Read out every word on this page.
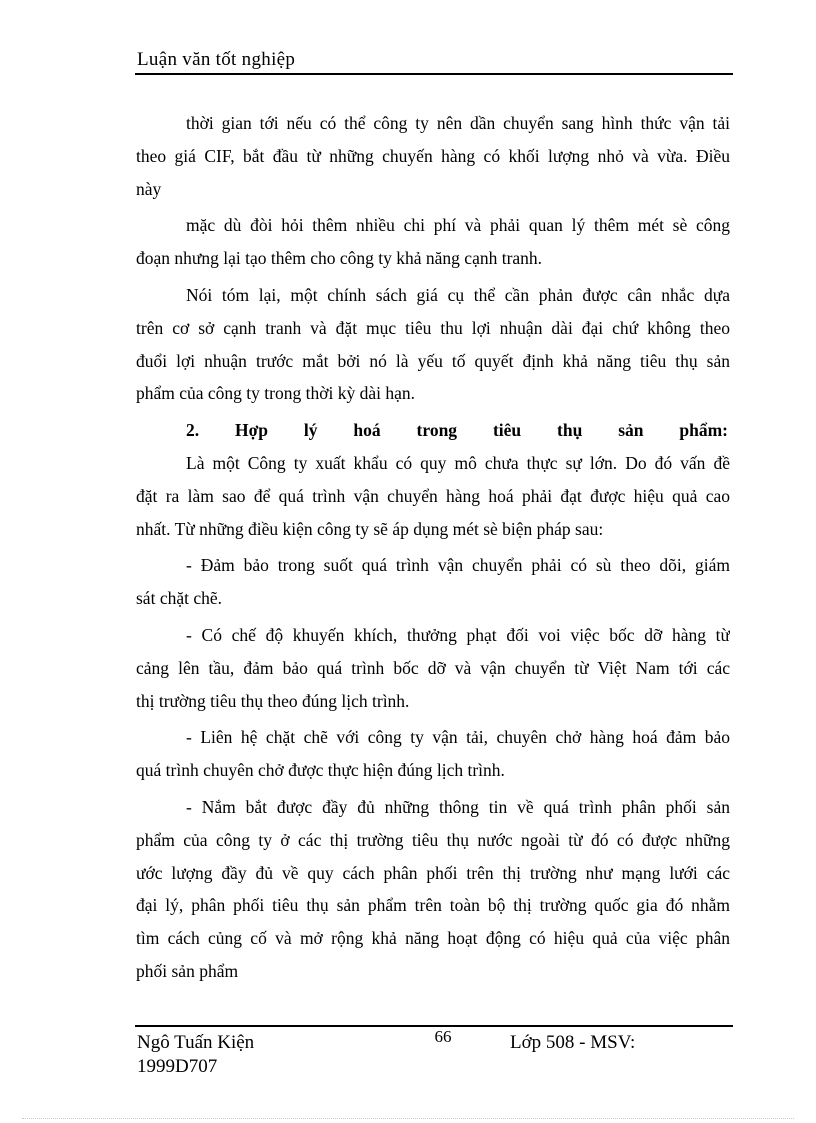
Luận văn tốt nghiệp
thời gian tới nếu có thể công ty nên dần chuyển sang hình thức vận tải
theo giá CIF, bắt đầu từ những chuyến hàng có khối lượng nhỏ và vừa. Điều
này
mặc dù đòi hỏi thêm nhiều chi phí và phải quan lý thêm mét sè công
đoạn nhưng lại tạo thêm cho công ty khả năng cạnh tranh.
Nói tóm lại, một chính sách giá cụ thể cần phản được cân nhắc dựa
trên cơ sở cạnh tranh và đặt mục tiêu thu lợi nhuận dài đại chứ không theo
đuổi lợi nhuận trước mắt bởi nó là yếu tố quyết định khả năng tiêu thụ sản
phẩm của công ty trong thời kỳ dài hạn.
2. Hợp lý hoá trong tiêu thụ sản phẩm:
Là một Công ty xuất khẩu có quy mô chưa thực sự lớn. Do đó vấn đề
đặt ra làm sao để quá trình vận chuyển hàng hoá phải đạt được hiệu quả cao
nhất. Từ những điều kiện công ty sẽ áp dụng mét sè biện pháp sau:
- Đảm bảo trong suốt quá trình vận chuyển phải có sù theo dõi, giám
sát chặt chẽ.
- Có chế độ khuyến khích, thưởng phạt đối voi việc bốc dỡ hàng từ
cảng lên tầu, đảm bảo quá trình bốc dỡ và vận chuyển từ Việt Nam tới các
thị trường tiêu thụ theo đúng lịch trình.
- Liên hệ chặt chẽ với công ty vận tải, chuyên chở hàng hoá đảm bảo
quá trình chuyên chở được thực hiện đúng lịch trình.
- Nắm bắt được đầy đủ những thông tin về quá trình phân phối sản
phẩm của công ty ở các thị trường tiêu thụ nước ngoài từ đó có được những
ước lượng đầy đủ về quy cách phân phối trên thị trường như mạng lưới các
đại lý, phân phối tiêu thụ sản phẩm trên toàn bộ thị trường quốc gia đó nhằm
tìm cách củng cố và mở rộng khả năng hoạt động có hiệu quả của việc phân
phối sản phẩm
Ngô Tuấn Kiện	66	Lớp 508 - MSV:
1999D707
